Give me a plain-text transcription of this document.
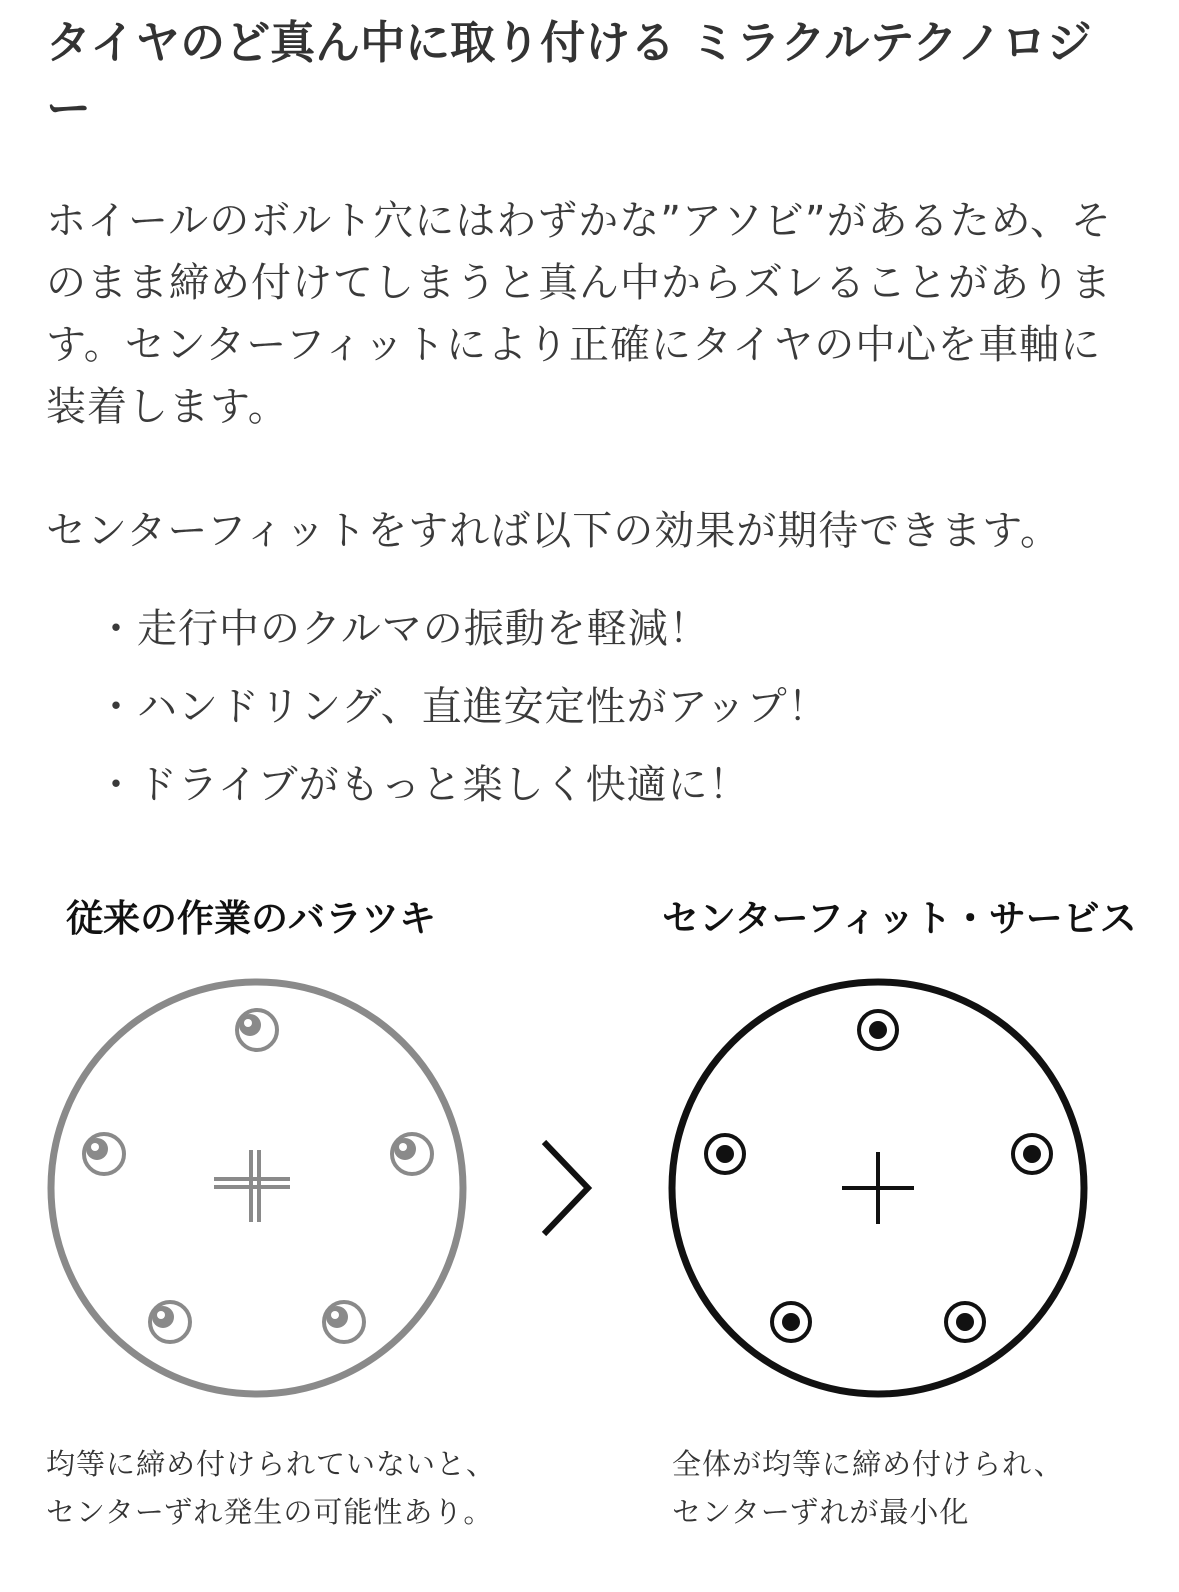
タイヤのど真ん中に取り付ける ミラクルテクノロジー

ホイールのボルト穴にはわずかな”アソビ”があるため、そのまま締め付けてしまうと真ん中からズレることがあります。センターフィットにより正確にタイヤの中心を車軸に装着します。

センターフィットをすれば以下の効果が期待できます。

・ 走行中のクルマの振動を軽減！
・ ハンドリング、直進安定性がアップ！
・ ドライブがもっと楽しく快適に！
従来の作業のバラツキ	センターフィット・サービス

均等に締め付けられていないと、
センターずれ発生の可能性あり。

全体が均等に締め付けられ、
センターずれが最小化
